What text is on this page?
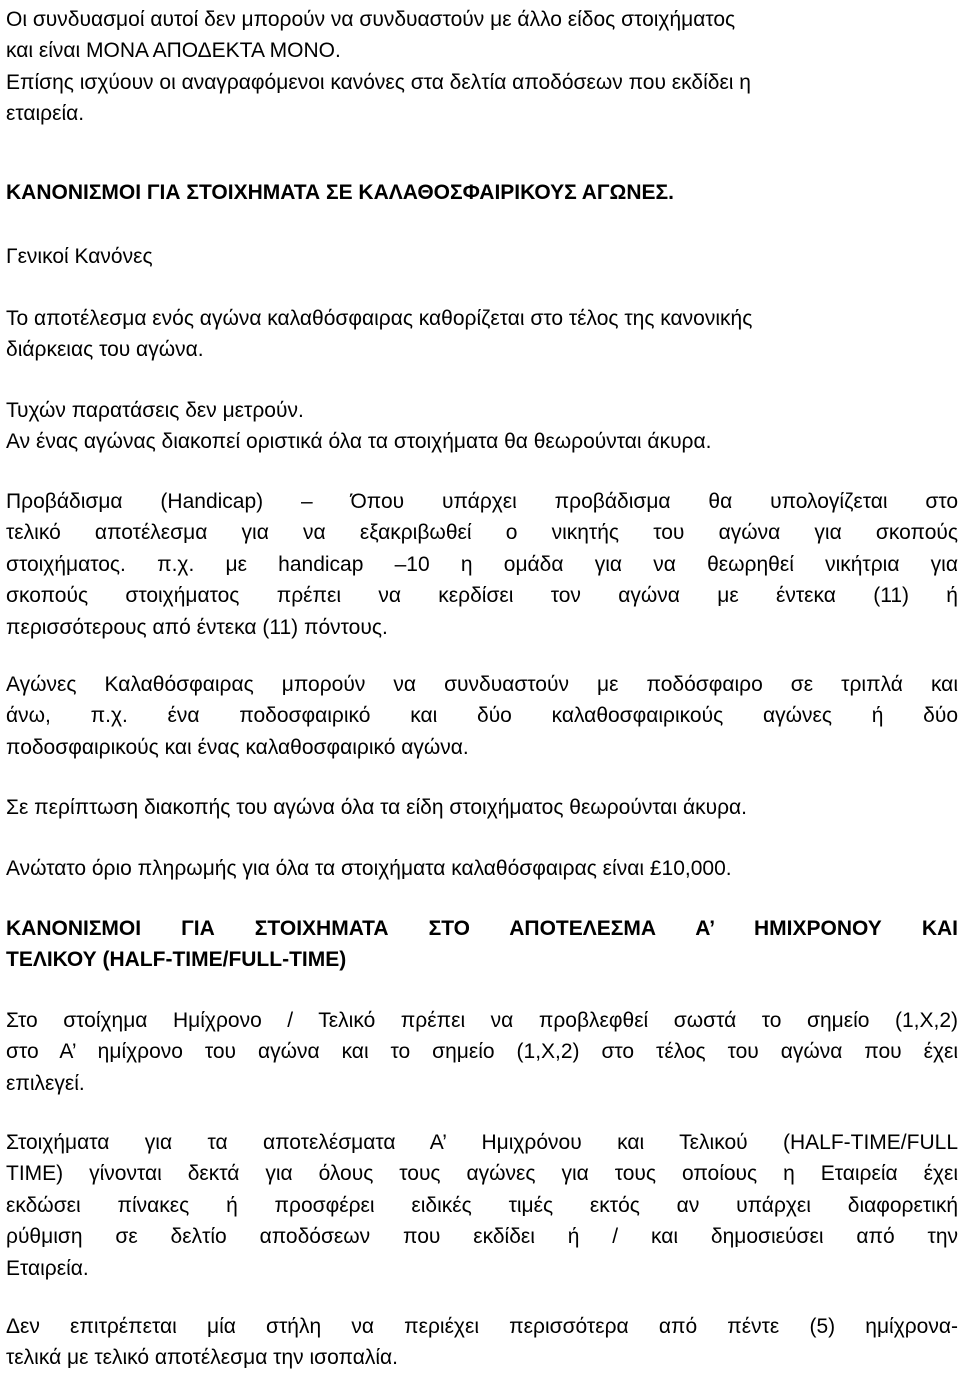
Οι συνδυασμοί αυτοί δεν μπορούν να συνδυαστούν με άλλο είδος στοιχήματος
και είναι ΜΟΝΑ ΑΠΟΔΕΚΤΑ ΜΟΝΟ.
Επίσης ισχύουν οι αναγραφόμενοι κανόνες στα δελτία αποδόσεων που εκδίδει η
εταιρεία.

ΚΑΝΟΝΙΣΜΟΙ ΓΙΑ ΣΤΟΙΧΗΜΑΤΑ ΣΕ ΚΑΛΑΘΟΣΦΑΙΡΙΚΟΥΣ ΑΓΩΝΕΣ.

Γενικοί Κανόνες

Το αποτέλεσμα ενός αγώνα καλαθόσφαιρας καθορίζεται στο τέλος της κανονικής
διάρκειας του αγώνα.

Τυχών παρατάσεις δεν μετρούν.
Αν ένας αγώνας διακοπεί οριστικά όλα τα στοιχήματα θα θεωρούνται άκυρα.

Προβάδισμα (Handicap) – Όπου υπάρχει προβάδισμα θα υπολογίζεται στο
τελικό αποτέλεσμα για να εξακριβωθεί ο νικητής του αγώνα για σκοπούς
στοιχήματος. π.χ. με handicap –10 η ομάδα για να θεωρηθεί νικήτρια για
σκοπούς στοιχήματος πρέπει να κερδίσει τον αγώνα με έντεκα (11) ή
περισσότερους από έντεκα (11) πόντους.

Αγώνες Καλαθόσφαιρας μπορούν να συνδυαστούν με ποδόσφαιρο σε τριπλά και
άνω, π.χ. ένα ποδοσφαιρικό και δύο καλαθοσφαιρικούς αγώνες ή δύο
ποδοσφαιρικούς και ένας καλαθοσφαιρικό αγώνα.

Σε περίπτωση διακοπής του αγώνα όλα τα είδη στοιχήματος θεωρούνται άκυρα.

Ανώτατο όριο πληρωμής για όλα τα στοιχήματα καλαθόσφαιρας είναι £10,000.

ΚΑΝΟΝΙΣΜΟΙ ΓΙΑ ΣΤΟΙΧΗΜΑΤΑ ΣΤΟ ΑΠΟΤΕΛΕΣΜΑ Α’ ΗΜΙΧΡΟΝΟΥ ΚΑΙ
ΤΕΛΙΚΟΥ (HALF-TIME/FULL-TIME)

Στο στοίχημα Ημίχρονο / Τελικό πρέπει να προβλεφθεί σωστά το σημείο (1,Χ,2)
στο Α’ ημίχρονο του αγώνα και το σημείο (1,Χ,2) στο τέλος του αγώνα που έχει
επιλεγεί.

Στοιχήματα για τα αποτελέσματα Α’ Ημιχρόνου και Τελικού (HALF-TIME/FULL
TIME) γίνονται δεκτά για όλους τους αγώνες για τους οποίους η Εταιρεία έχει
εκδώσει πίνακες ή προσφέρει ειδικές τιμές εκτός αν υπάρχει διαφορετική
ρύθμιση σε δελτίο αποδόσεων που εκδίδει ή / και δημοσιεύσει από την
Εταιρεία.

Δεν επιτρέπεται μία στήλη να περιέχει περισσότερα από πέντε (5) ημίχρονα-
τελικά με τελικό αποτέλεσμα την ισοπαλία.
